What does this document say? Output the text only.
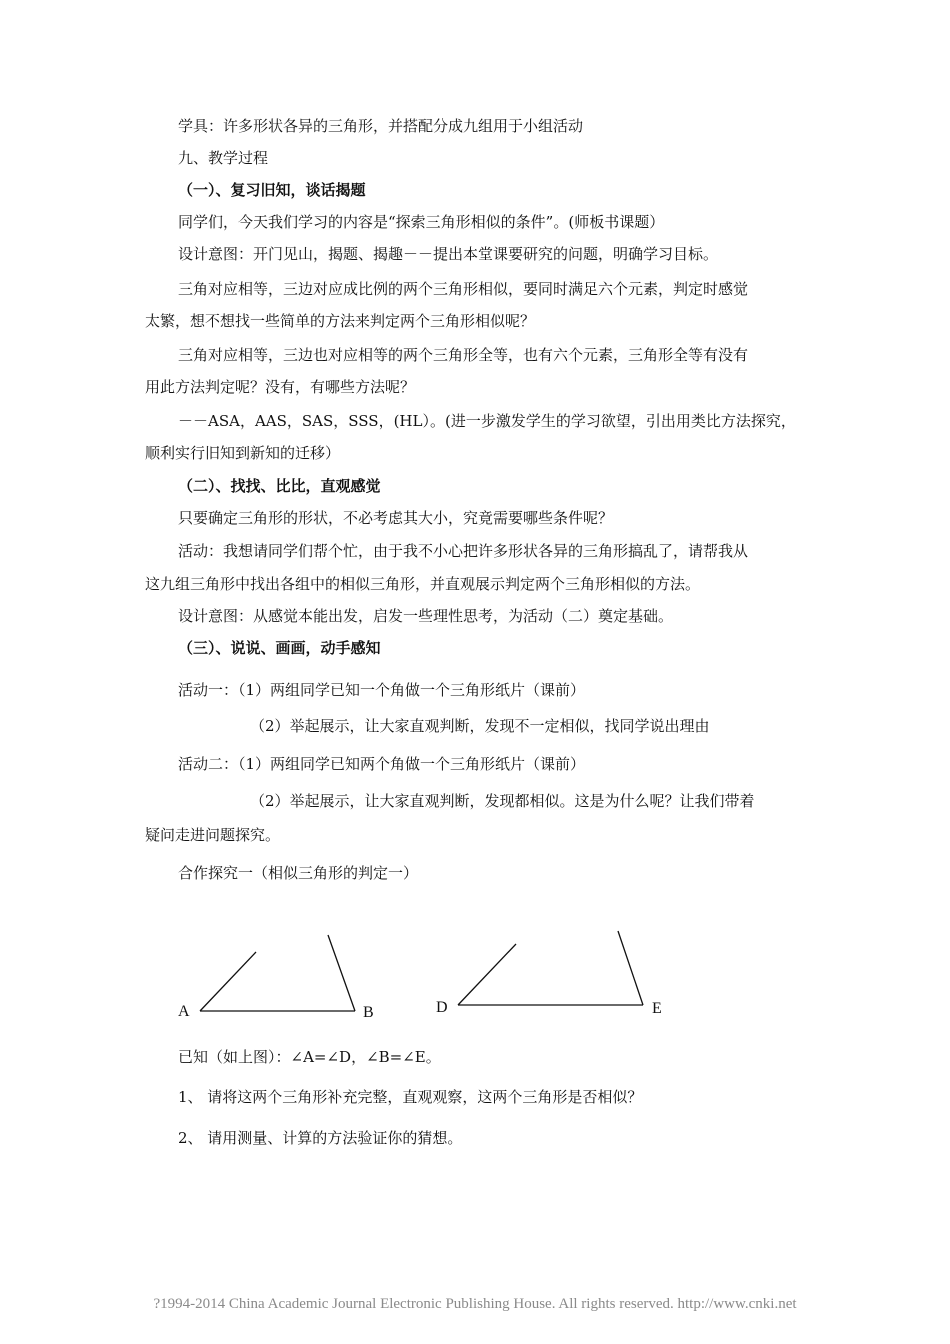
学具：许多形状各异的三角形，并搭配分成九组用于小组活动
九、教学过程
（一）、复习旧知，谈话揭题
同学们，今天我们学习的内容是“探索三角形相似的条件”。(师板书课题）
设计意图：开门见山，揭题、揭趣－－提出本堂课要研究的问题，明确学习目标。
三角对应相等，三边对应成比例的两个三角形相似，要同时满足六个元素，判定时感觉
太繁，想不想找一些简单的方法来判定两个三角形相似呢？
三角对应相等，三边也对应相等的两个三角形全等，也有六个元素，三角形全等有没有
用此方法判定呢？没有，有哪些方法呢？
－－ASA，AAS，SAS，SSS，(HL）。(进一步激发学生的学习欲望，引出用类比方法探究，
顺利实行旧知到新知的迁移）
（二）、找找、比比，直观感觉
只要确定三角形的形状，不必考虑其大小，究竟需要哪些条件呢？
活动：我想请同学们帮个忙，由于我不小心把许多形状各异的三角形搞乱了，请帮我从
这九组三角形中找出各组中的相似三角形，并直观展示判定两个三角形相似的方法。
设计意图：从感觉本能出发，启发一些理性思考，为活动（二）奠定基础。
（三）、说说、画画，动手感知
活动一：（1）两组同学已知一个角做一个三角形纸片（课前）
（2）举起展示，让大家直观判断，发现不一定相似，找同学说出理由
活动二：（1）两组同学已知两个角做一个三角形纸片（课前）
（2）举起展示，让大家直观判断，发现都相似。这是为什么呢？让我们带着
疑问走进问题探究。
合作探究一（相似三角形的判定一）
A	B	D	E
已知（如上图）：∠A=∠D，∠B=∠E。
1、 请将这两个三角形补充完整，直观观察，这两个三角形是否相似？
2、 请用测量、计算的方法验证你的猜想。
?1994-2014 China Academic Journal Electronic Publishing House. All rights reserved. http://www.cnki.net
